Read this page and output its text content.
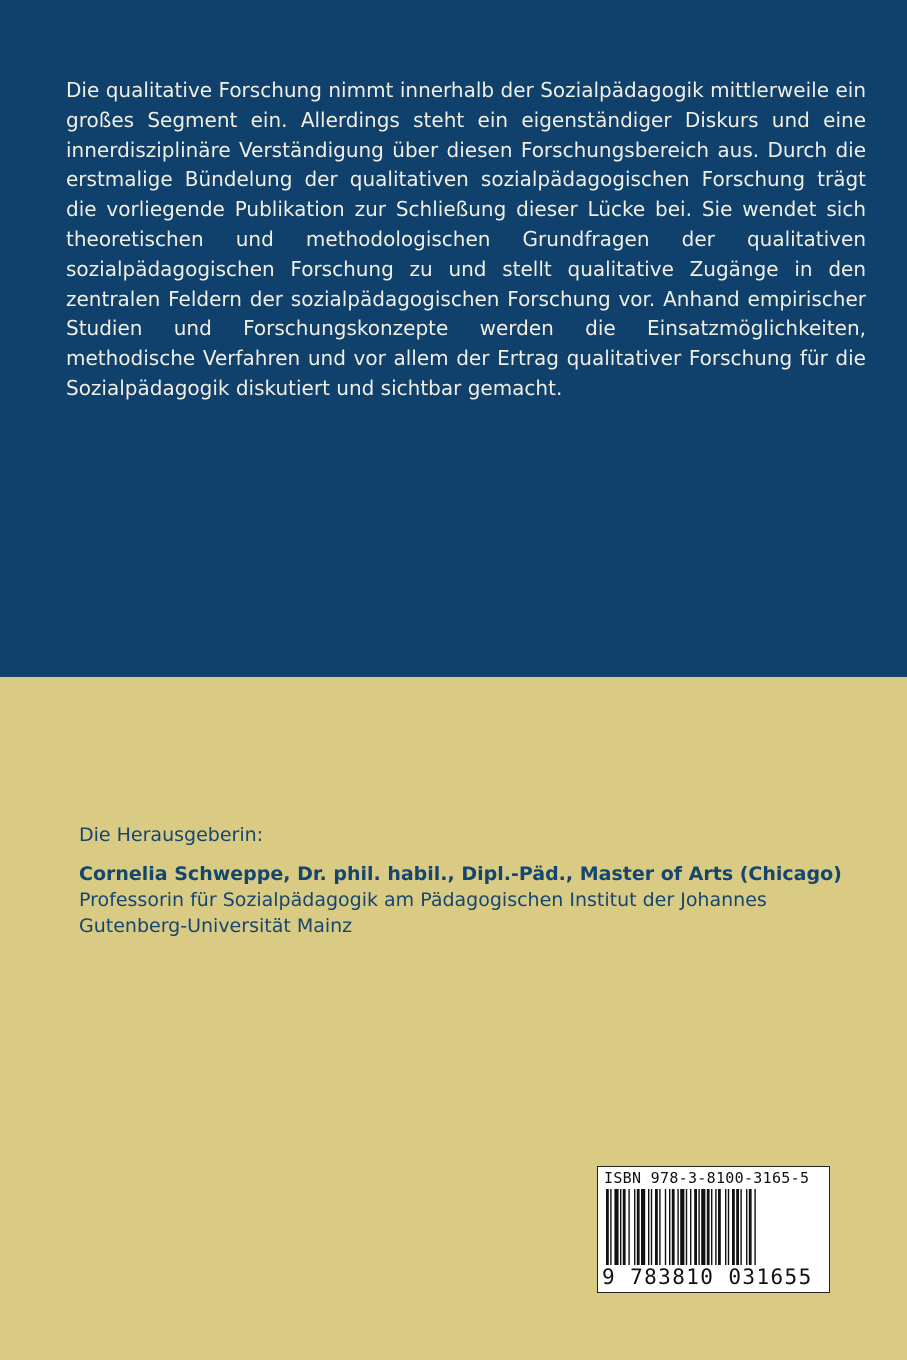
Die qualitative Forschung nimmt innerhalb der Sozialpädagogik mittlerweile ein großes Segment ein. Allerdings steht ein eigenständiger Diskurs und eine innerdisziplinäre Verständigung über diesen Forschungsbereich aus. Durch die erstmalige Bündelung der qualitativen sozialpädagogischen Forschung trägt die vorliegende Publikation zur Schließung dieser Lücke bei. Sie wendet sich theoretischen und methodologischen Grundfragen der qualitativen sozialpädagogischen Forschung zu und stellt qualitative Zugänge in den zentralen Feldern der sozialpädagogischen Forschung vor. Anhand empirischer Studien und Forschungskonzepte werden die Einsatzmöglichkeiten, methodische Verfahren und vor allem der Ertrag qualitativer Forschung für die Sozialpädagogik diskutiert und sichtbar gemacht.

Die Herausgeberin:

Cornelia Schweppe, Dr. phil. habil., Dipl.-Päd., Master of Arts (Chicago)

Professorin für Sozialpädagogik am Pädagogischen Institut der Johannes Gutenberg-Universität Mainz

ISBN 978-3-8100-3165-5
9 783810 031655
